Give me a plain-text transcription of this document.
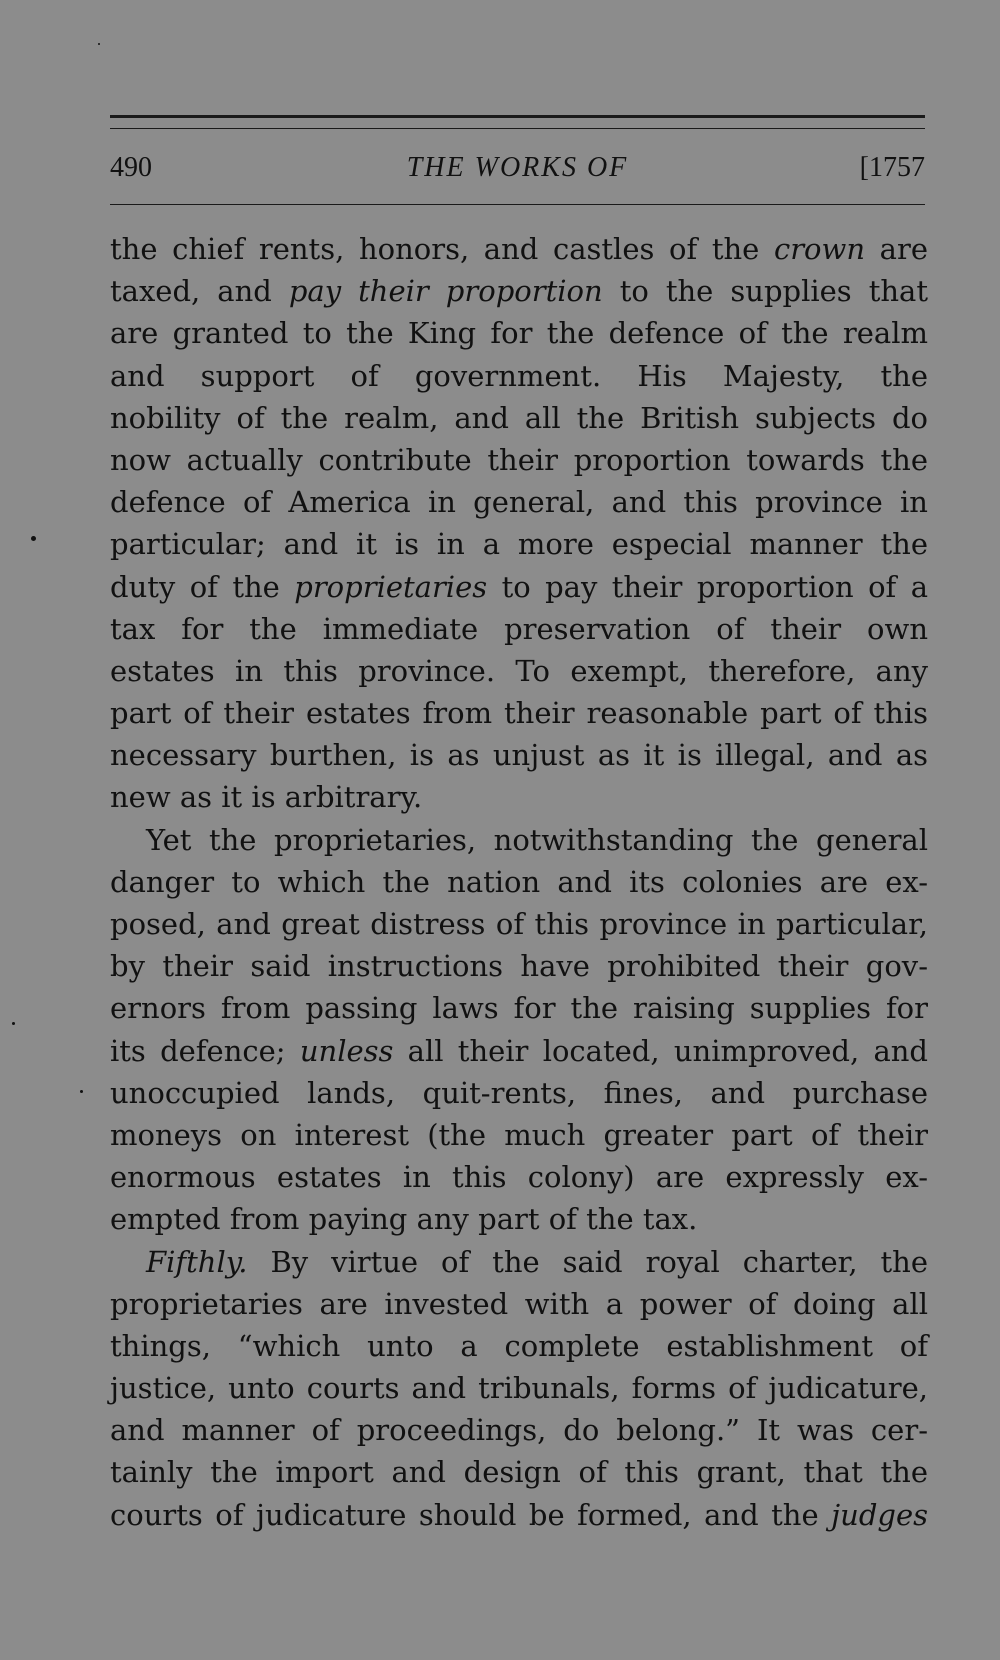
490	THE WORKS OF	[1757
the chief rents, honors, and castles of the crown are
taxed, and pay their proportion to the supplies that
are granted to the King for the defence of the realm
and support of government. His Majesty, the
nobility of the realm, and all the British subjects do
now actually contribute their proportion towards the
defence of America in general, and this province in
particular; and it is in a more especial manner the
duty of the proprietaries to pay their proportion of a
tax for the immediate preservation of their own
estates in this province. To exempt, therefore, any
part of their estates from their reasonable part of this
necessary burthen, is as unjust as it is illegal, and as
new as it is arbitrary.
Yet the proprietaries, notwithstanding the general
danger to which the nation and its colonies are ex-
posed, and great distress of this province in particular,
by their said instructions have prohibited their gov-
ernors from passing laws for the raising supplies for
its defence; unless all their located, unimproved, and
unoccupied lands, quit-rents, fines, and purchase
moneys on interest (the much greater part of their
enormous estates in this colony) are expressly ex-
empted from paying any part of the tax.
Fifthly. By virtue of the said royal charter, the
proprietaries are invested with a power of doing all
things, “which unto a complete establishment of
justice, unto courts and tribunals, forms of judicature,
and manner of proceedings, do belong.” It was cer-
tainly the import and design of this grant, that the
courts of judicature should be formed, and the judges
